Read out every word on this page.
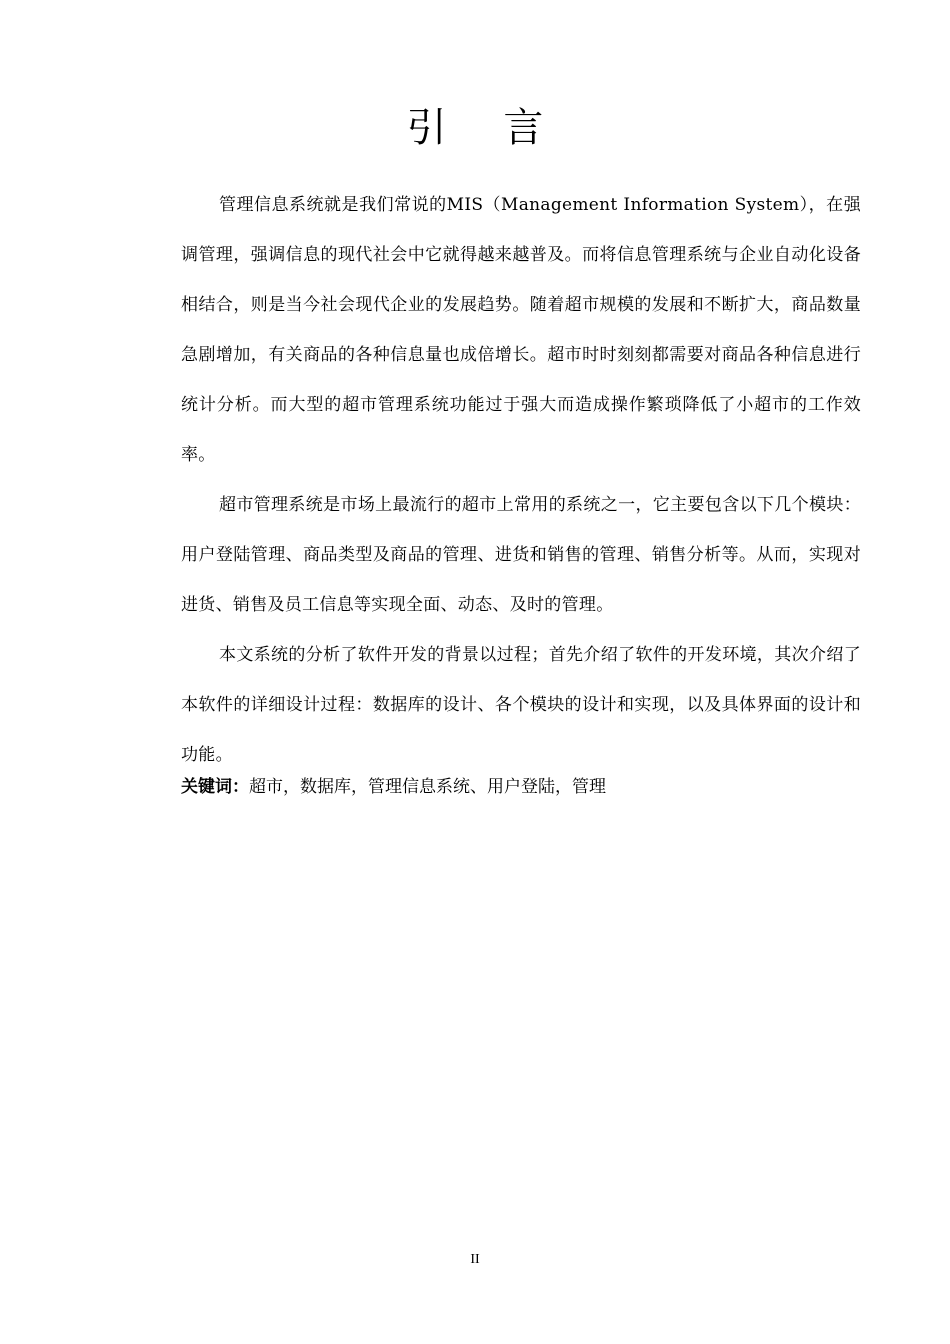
引 言

管理信息系统就是我们常说的MIS（Management Information System），在强调管理，强调信息的现代社会中它就得越来越普及。而将信息管理系统与企业自动化设备相结合，则是当今社会现代企业的发展趋势。随着超市规模的发展和不断扩大，商品数量急剧增加，有关商品的各种信息量也成倍增长。超市时时刻刻都需要对商品各种信息进行统计分析。而大型的超市管理系统功能过于强大而造成操作繁琐降低了小超市的工作效率。

超市管理系统是市场上最流行的超市上常用的系统之一，它主要包含以下几个模块：用户登陆管理、商品类型及商品的管理、进货和销售的管理、销售分析等。从而，实现对进货、销售及员工信息等实现全面、动态、及时的管理。

本文系统的分析了软件开发的背景以过程；首先介绍了软件的开发环境，其次介绍了本软件的详细设计过程：数据库的设计、各个模块的设计和实现，以及具体界面的设计和功能。

关键词：超市，数据库，管理信息系统、用户登陆，管理

II
